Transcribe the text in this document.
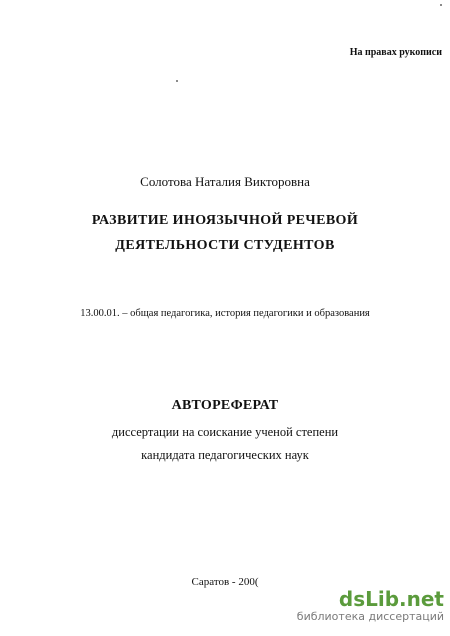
На правах рукописи
Солотова Наталия Викторовна
РАЗВИТИЕ ИНОЯЗЫЧНОЙ РЕЧЕВОЙ
ДЕЯТЕЛЬНОСТИ СТУДЕНТОВ
13.00.01. – общая педагогика, история педагогики и образования
АВТОРЕФЕРАТ
диссертации на соискание ученой степени
кандидата педагогических наук
Саратов - 200(
dsLib.net
библиотека диссертаций
